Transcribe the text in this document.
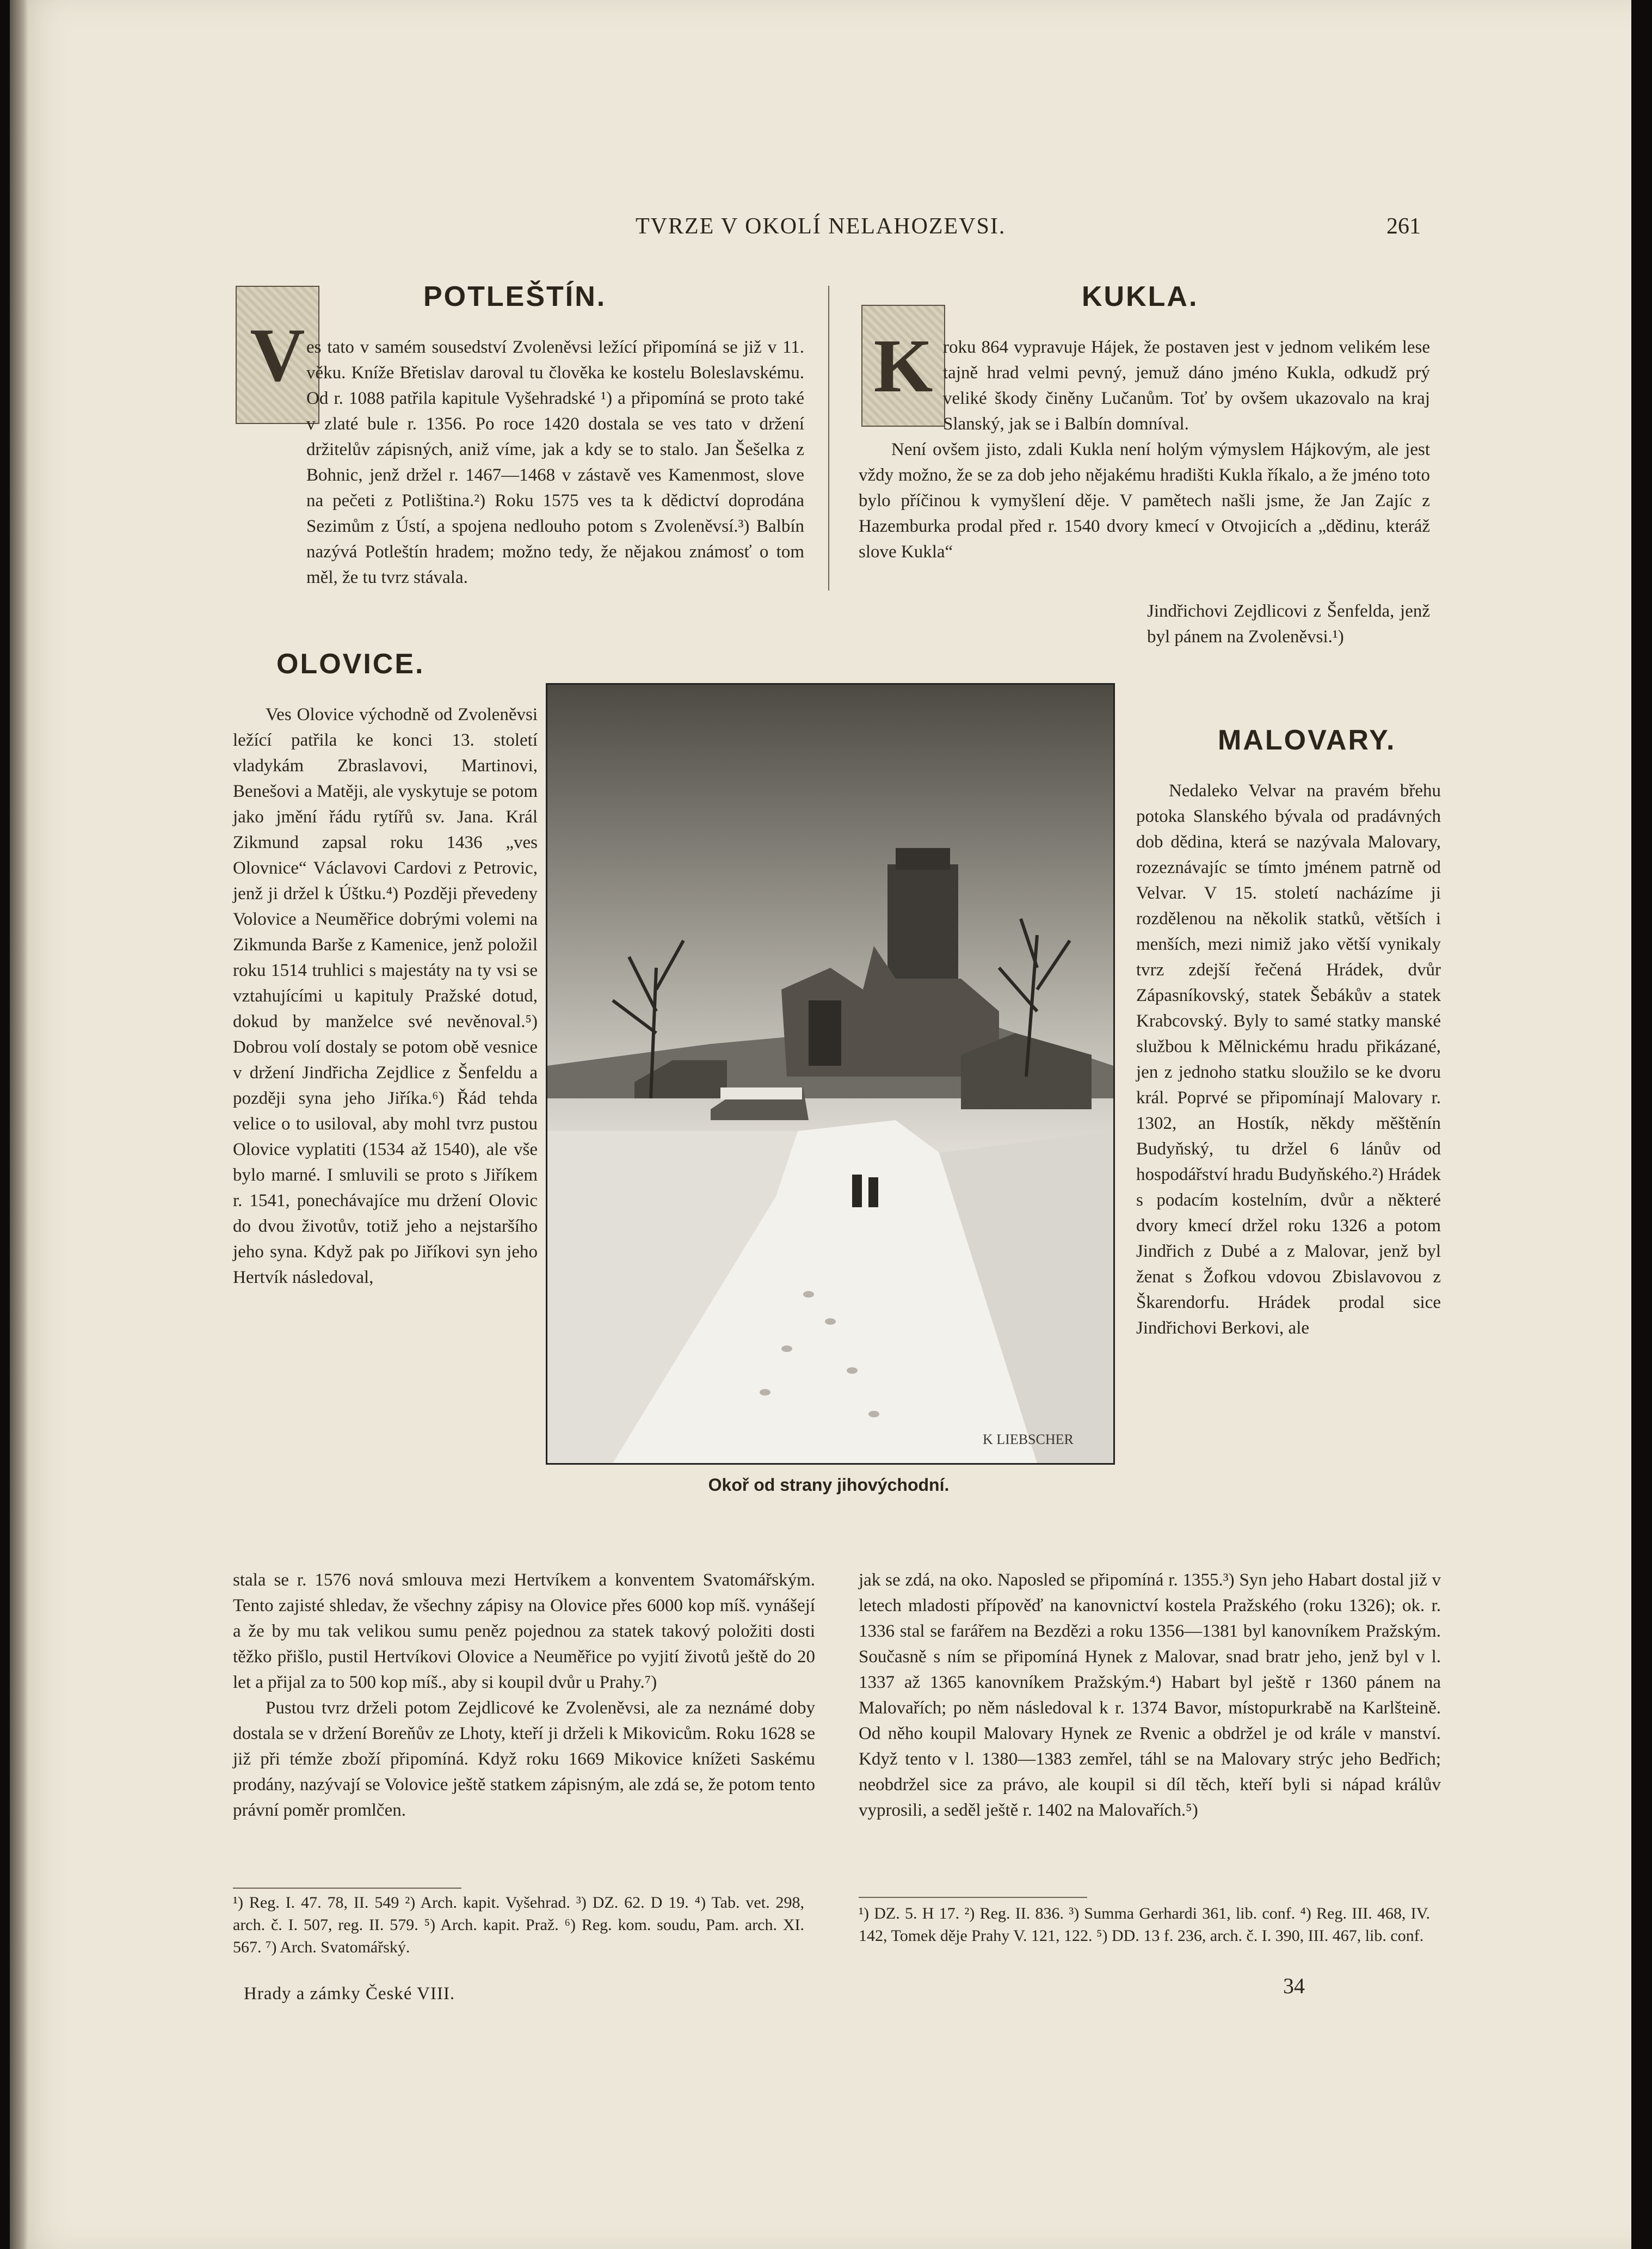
TVRZE V OKOLÍ NELAHOZEVSI.	261
POTLEŠTÍN.
V es tato v samém sousedství Zvoleněvsi ležící připomíná se již v 11. věku. Kníže Břetislav daroval tu člověka ke kostelu Boleslavskému. Od r. 1088 patřila kapitule Vyšehradské ¹) a připomíná se proto také v zlaté bule r. 1356. Po roce 1420 dostala se ves tato v držení držitelův zápisných, aniž víme, jak a kdy se to stalo. Jan Šešelka z Bohnic, jenž držel r. 1467—1468 v zástavě ves Kamenmost, slove na pečeti z Potliština.²) Roku 1575 ves ta k dědictví doprodána Sezimům z Ústí, a spojena nedlouho potom s Zvoleněvsí.³) Balbín nazývá Potleštín hradem; možno tedy, že nějakou známosť o tom měl, že tu tvrz stávala.

KUKLA.
K roku 864 vypravuje Hájek, že postaven jest v jednom velikém lese tajně hrad velmi pevný, jemuž dáno jméno Kukla, odkudž prý veliké škody činěny Lučanům. Toť by ovšem ukazovalo na kraj Slanský, jak se i Balbín domníval.

Není ovšem jisto, zdali Kukla není holým výmyslem Hájkovým, ale jest vždy možno, že se za dob jeho nějakému hradišti Kukla říkalo, a že jméno toto bylo příčinou k vymyšlení děje. V pamětech našli jsme, že Jan Zajíc z Hazemburka prodal před r. 1540 dvory kmecí v Otvojicích a „dědinu, kteráž slove Kukla“

Jindřichovi Zejdlicovi z Šenfelda, jenž byl pánem na Zvoleněvsi.¹)

OLOVICE.

Ves Olovice východně od Zvoleněvsi ležící patřila ke konci 13. století vladykám Zbraslavovi, Martinovi, Benešovi a Matěji, ale vyskytuje se potom jako jmění řádu rytířů sv. Jana. Král Zikmund zapsal roku 1436 „ves Olovnice“ Václavovi Cardovi z Petrovic, jenž ji držel k Úštku.⁴) Později převedeny Volovice a Neuměřice dobrými volemi na Zikmunda Barše z Kamenice, jenž položil roku 1514 truhlici s majestáty na ty vsi se vztahujícími u kapituly Pražské dotud, dokud by manželce své nevěnoval.⁵) Dobrou volí dostaly se potom obě vesnice v držení Jindřicha Zejdlice z Šenfeldu a později syna jeho Jiříka.⁶) Řád tehda velice o to usiloval, aby mohl tvrz pustou Olovice vyplatiti (1534 až 1540), ale vše bylo marné. I smluvili se proto s Jiříkem r. 1541, ponechávajíce mu držení Olovic do dvou životův, totiž jeho a nejstaršího jeho syna. Když pak po Jiříkovi syn jeho Hertvík následoval,

K LIEBSCHER
Okoř od strany jihovýchodní.
MALOVARY.

Nedaleko Velvar na pravém břehu potoka Slanského bývala od pradávných dob dědina, která se nazývala Malovary, rozeznávajíc se tímto jménem patrně od Velvar. V 15. století nacházíme ji rozdělenou na několik statků, větších i menších, mezi nimiž jako větší vynikaly tvrz zdejší řečená Hrádek, dvůr Zápasníkovský, statek Šebákův a statek Krabcovský. Byly to samé statky manské službou k Mělnickému hradu přikázané, jen z jednoho statku sloužilo se ke dvoru král. Poprvé se připomínají Malovary r. 1302, an Hostík, někdy měštěnín Budyňský, tu držel 6 lánův od hospodářství hradu Budyňského.²) Hrádek s podacím kostelním, dvůr a některé dvory kmecí držel roku 1326 a potom Jindřich z Dubé a z Malovar, jenž byl ženat s Žofkou vdovou Zbislavovou z Škarendorfu. Hrádek prodal sice Jindřichovi Berkovi, ale

stala se r. 1576 nová smlouva mezi Hertvíkem a konventem Svatomářským. Tento zajisté shledav, že všechny zápisy na Olovice přes 6000 kop míš. vynášejí a že by mu tak velikou sumu peněz pojednou za statek takový položiti dosti těžko přišlo, pustil Hertvíkovi Olovice a Neuměřice po vyjití životů ještě do 20 let a přijal za to 500 kop míš., aby si koupil dvůr u Prahy.⁷)

Pustou tvrz drželi potom Zejdlicové ke Zvoleněvsi, ale za neznámé doby dostala se v držení Boreňův ze Lhoty, kteří ji drželi k Mikovicům. Roku 1628 se již při témže zboží připomíná. Když roku 1669 Mikovice knížeti Saskému prodány, nazývají se Volovice ještě statkem zápisným, ale zdá se, že potom tento právní poměr promlčen.

jak se zdá, na oko. Naposled se připomíná r. 1355.³) Syn jeho Habart dostal již v letech mladosti přípověď na kanovnictví kostela Pražského (roku 1326); ok. r. 1336 stal se farářem na Bezdězi a roku 1356—1381 byl kanovníkem Pražským. Současně s ním se připomíná Hynek z Malovar, snad bratr jeho, jenž byl v l. 1337 až 1365 kanovníkem Pražským.⁴) Habart byl ještě r 1360 pánem na Malovařích; po něm následoval k r. 1374 Bavor, místopurkrabě na Karlšteině. Od něho koupil Malovary Hynek ze Rvenic a obdržel je od krále v manství. Když tento v l. 1380—1383 zemřel, táhl se na Malovary strýc jeho Bedřich; neobdržel sice za právo, ale koupil si díl těch, kteří byli si nápad králův vyprosili, a seděl ještě r. 1402 na Malovařích.⁵)

¹) Reg. I. 47. 78, II. 549 ²) Arch. kapit. Vyšehrad. ³) DZ. 62. D 19. ⁴) Tab. vet. 298, arch. č. I. 507, reg. II. 579. ⁵) Arch. kapit. Praž. ⁶) Reg. kom. soudu, Pam. arch. XI. 567. ⁷) Arch. Svatomářský.
¹) DZ. 5. H 17. ²) Reg. II. 836. ³) Summa Gerhardi 361, lib. conf. ⁴) Reg. III. 468, IV. 142, Tomek děje Prahy V. 121, 122. ⁵) DD. 13 f. 236, arch. č. I. 390, III. 467, lib. conf.
Hrady a zámky České VIII.	34
